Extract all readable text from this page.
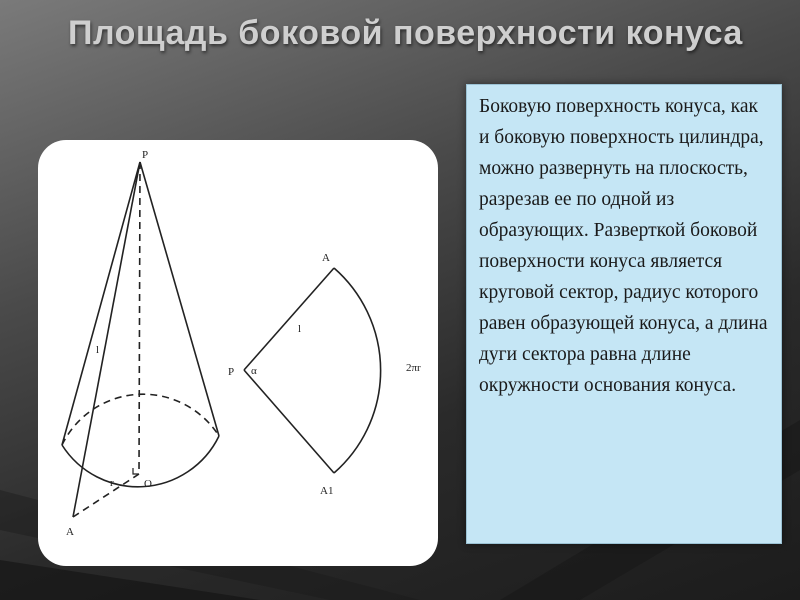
Площадь боковой поверхности конуса
P
l
r	O
A
P α
l
2πr
A
A1

Боковую поверхность конуса, как и боковую поверхность цилиндра, можно развернуть на плоскость, разрезав ее по одной из образующих. Разверткой боковой поверхности конуса является круговой сектор, радиус которого равен образующей конуса, а длина дуги сектора равна длине окружности основания конуса.
